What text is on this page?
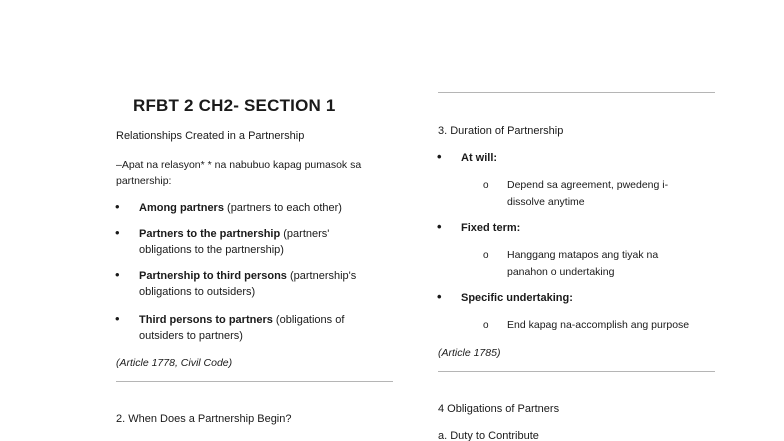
RFBT 2 CH2- SECTION 1
Relationships Created in a Partnership
–Apat na relasyon* * na nabubuo kapag pumasok sa
partnership:
• Among partners (partners to each other)
• Partners to the partnership (partners'
obligations to the partnership)
• Partnership to third persons (partnership's
obligations to outsiders)
• Third persons to partners (obligations of
outsiders to partners)
(Article 1778, Civil Code)
2. When Does a Partnership Begin?
3. Duration of Partnership
• At will:
o Depend sa agreement, pwedeng i-
dissolve anytime
• Fixed term:
o Hanggang matapos ang tiyak na
panahon o undertaking
• Specific undertaking:
o End kapag na-accomplish ang purpose
(Article 1785)
4 Obligations of Partners
a. Duty to Contribute
